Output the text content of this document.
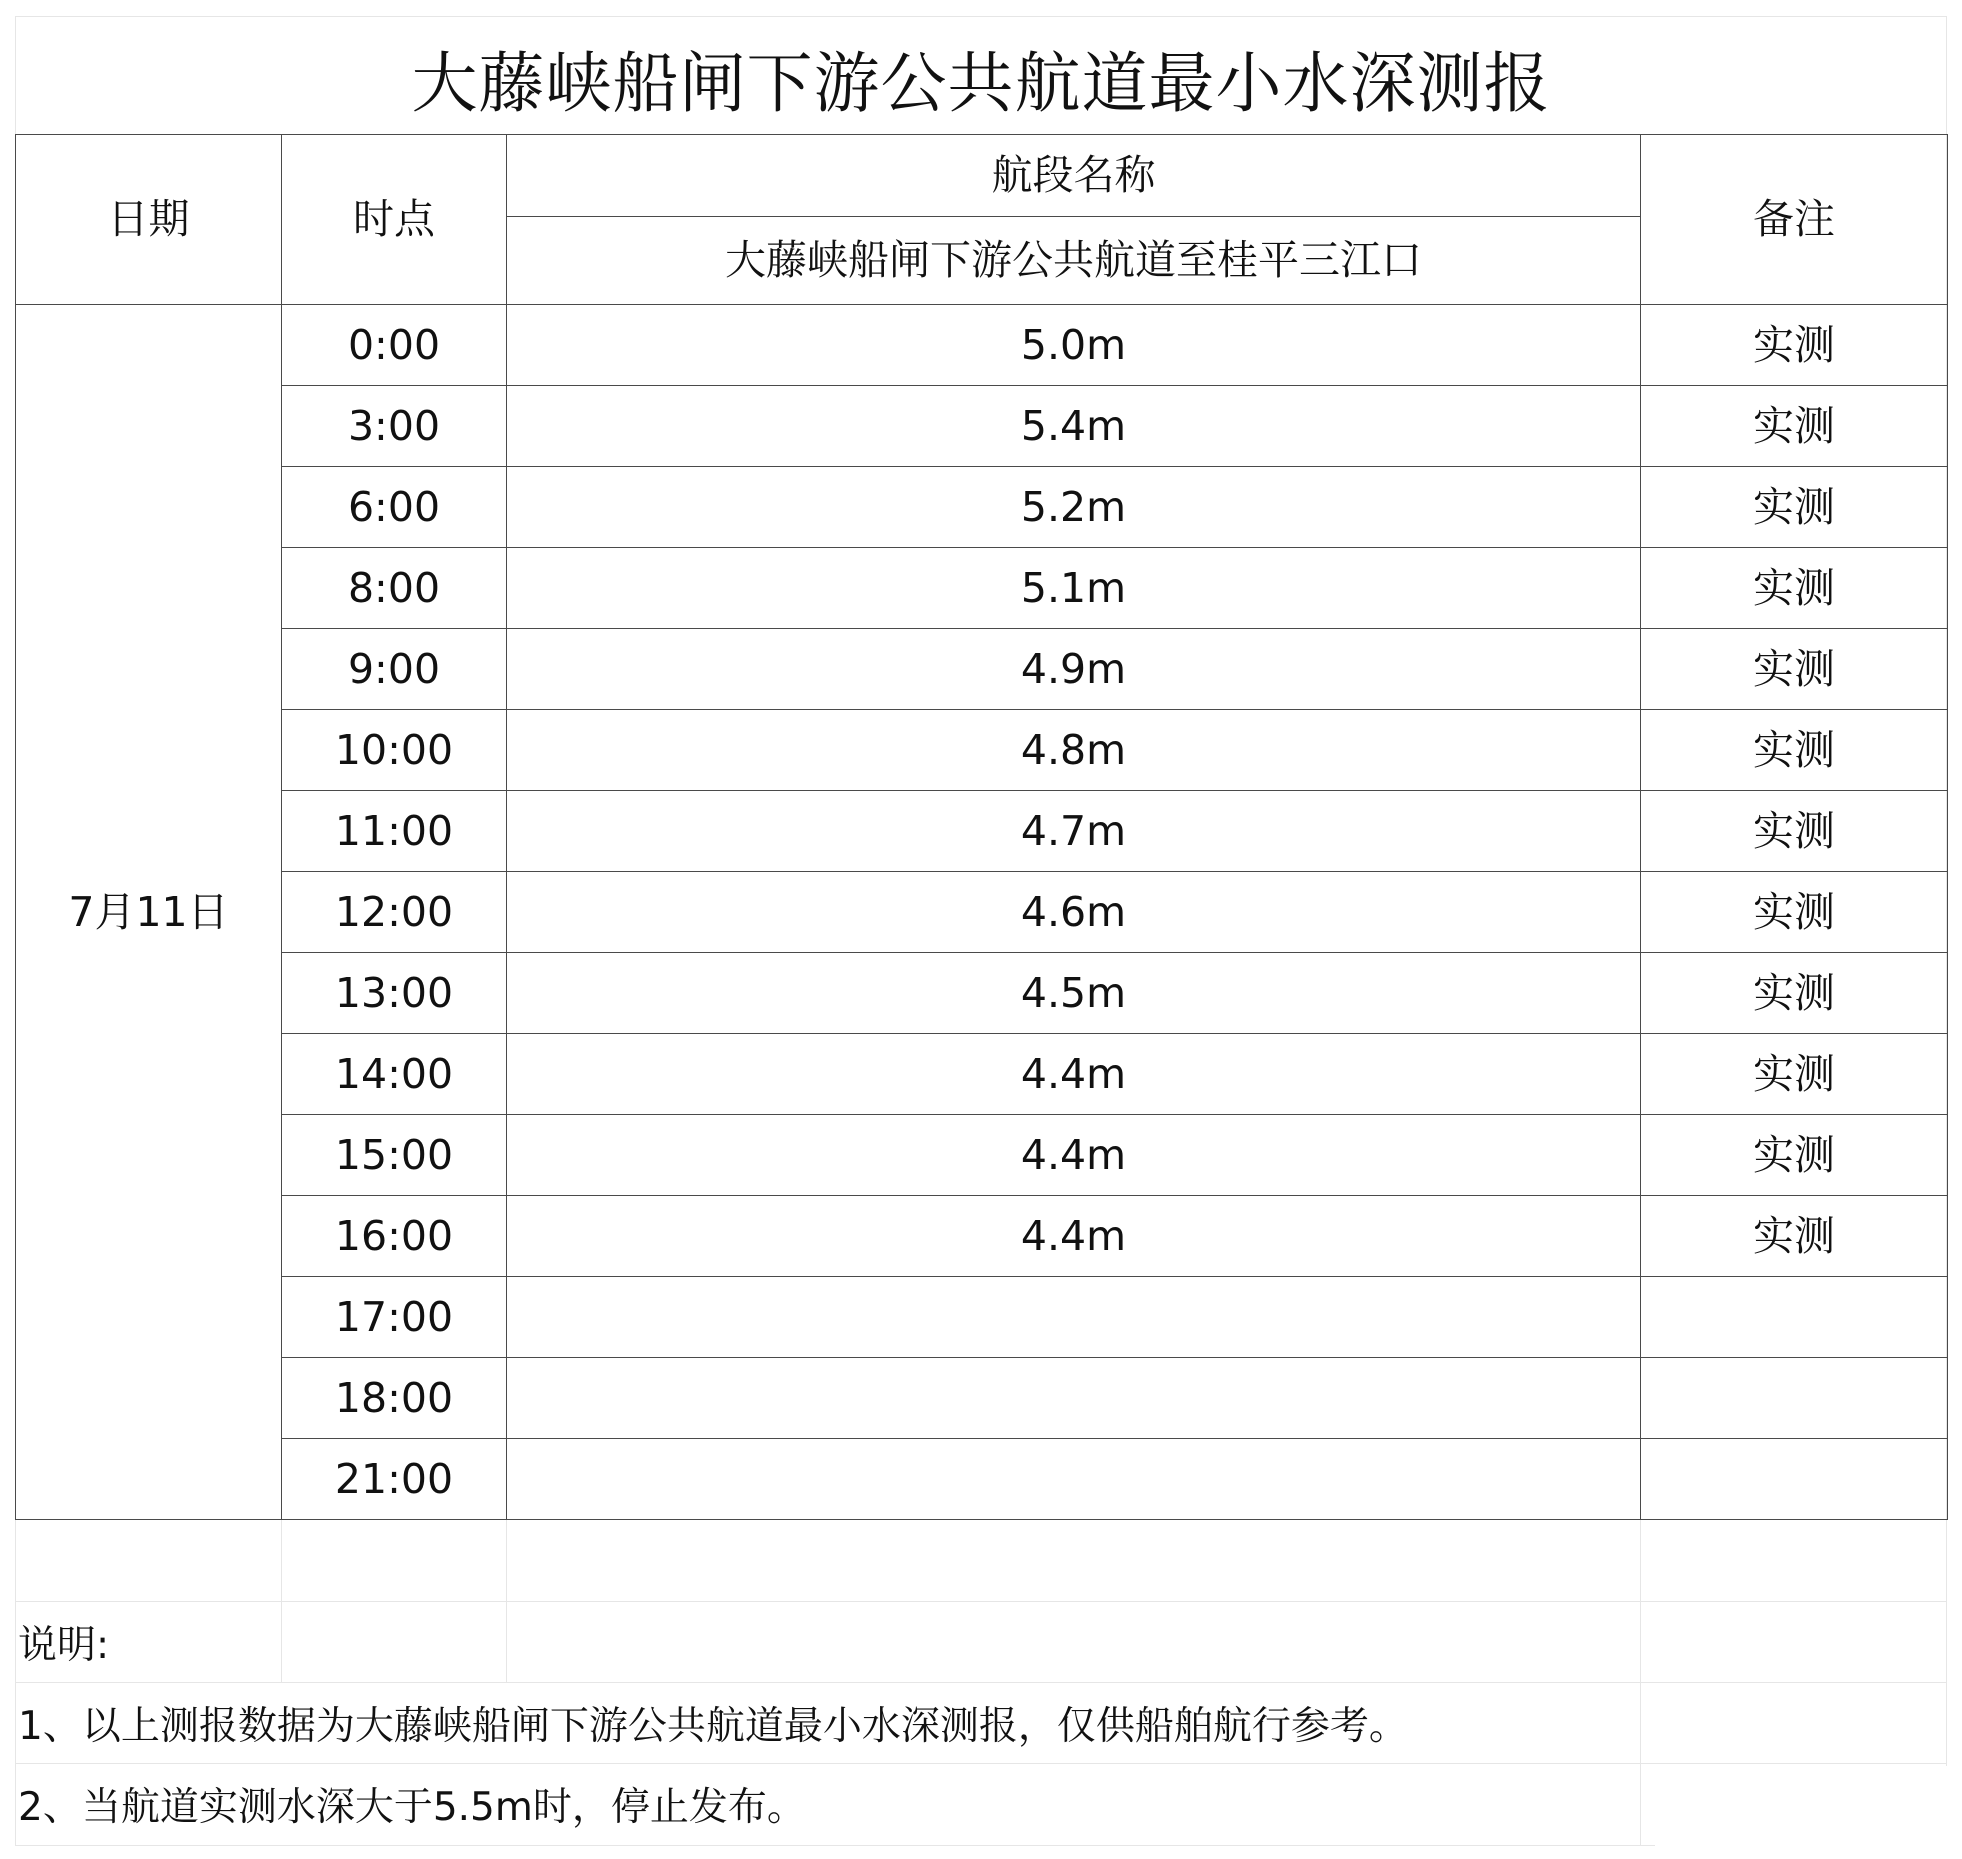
大藤峡船闸下游公共航道最小水深测报
日期	时点	航段名称	备注
		大藤峡船闸下游公共航道至桂平三江口	
7月11日	0:00	5.0m	实测
	3:00	5.4m	实测
	6:00	5.2m	实测
	8:00	5.1m	实测
	9:00	4.9m	实测
	10:00	4.8m	实测
	11:00	4.7m	实测
	12:00	4.6m	实测
	13:00	4.5m	实测
	14:00	4.4m	实测
	15:00	4.4m	实测
	16:00	4.4m	实测
	17:00		
	18:00		
	21:00		
说明:
1、以上测报数据为大藤峡船闸下游公共航道最小水深测报，仅供船舶航行参考。
2、当航道实测水深大于5.5m时，停止发布。
